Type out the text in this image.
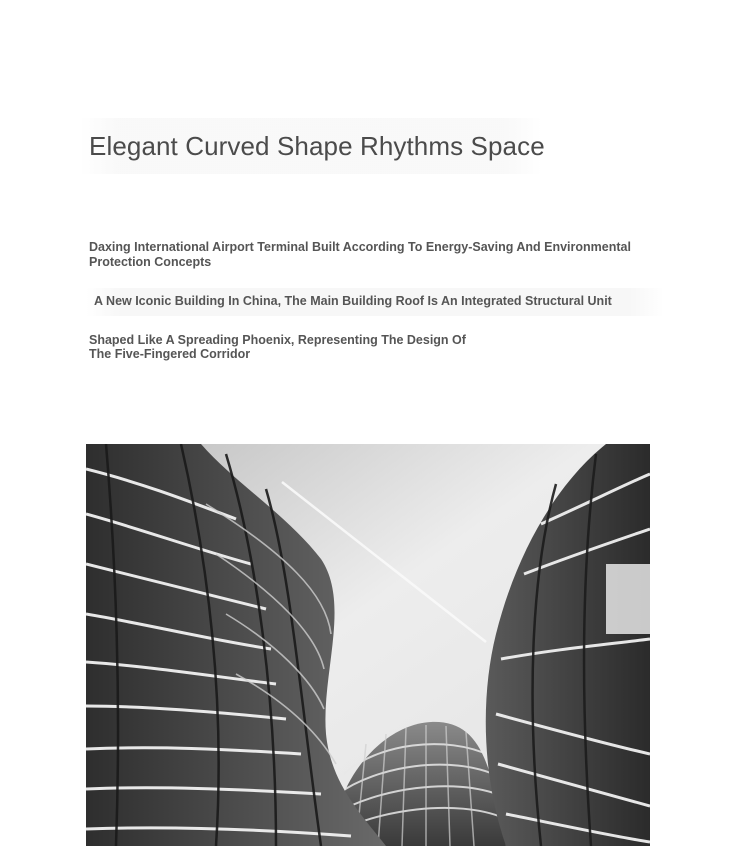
Elegant Curved Shape Rhythms Space

Daxing International Airport Terminal Built According To Energy-Saving And Environmental
Protection Concepts

A New Iconic Building In China, The Main Building Roof Is An Integrated Structural Unit

Shaped Like A Spreading Phoenix, Representing The Design Of
The Five-Fingered Corridor
